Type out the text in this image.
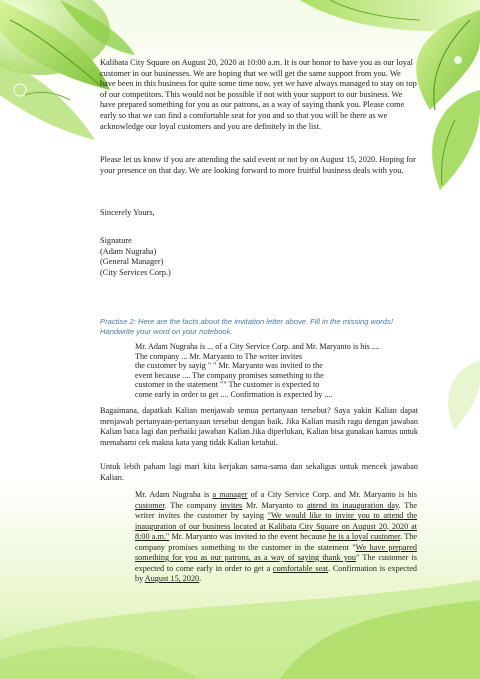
Kalibata City Square on August 20, 2020 at 10:00 a.m. It is our honor to have you as our loyal customer in our businesses. We are hoping that we will get the same support from you. We have been in this business for quite some time now, yet we have always managed to stay on top of our competitors. This would not be possible if not with your support to our business. We have prepared something for you as our patrons, as a way of saying thank you. Please come early so that we can find a comfortable seat for you and so that you will be there as we acknowledge our loyal customers and you are definitely in the list.
Please let us know if you are attending the said event or not by on August 15, 2020. Hoping for your presence on that day. We are looking forward to more fruitful business deals with you.
Sincerely Yours,
Signature
(Adam Nugraha)
(General Manager)
(City Services Corp.)
Practise 2: Here are the facts about the invitation letter above. Fill in the missing words! Handwrite your word on your notebook.
Mr. Adam Nugraha is ... of a City Service Corp. and Mr. Maryanto is his ....
The company ... Mr. Maryanto to The writer invites
the customer by sayig " " Mr. Maryanto was invited to the
event because .... The company promises something to the
customer in the statement "" The customer is expected to
come early in order to get .... Confirmation is expected by ....
Bagaimana, dapatkah Kalian menjawab semua pertanyaan tersebut? Saya yakin Kalian dapat menjawab pertanyaan-pertanyaan tersebut dengan baik. Jika Kalian masih ragu dengan jawaban Kalian baca lagi dan perbaiki jawaban Kalian.Jika diperlukan, Kalian bisa gunakan kamus untuk memahami cek makna kata yang tidak Kalian ketahui.
Untuk lebih paham lagi mari kita kerjakan sama-sama dan sekaligus untuk mencek jawaban Kalian.
Mr. Adam Nugraha is a manager of a City Service Corp. and Mr. Maryanto is his customer. The company invites Mr. Maryanto to attend its inauguration day. The writer invites the customer by saying "We would like to invite you to attend the inauguration of our business located at Kalibata City Square on August 20, 2020 at 8:00 a.m." Mr. Maryanto was invited to the event because he is a loyal customer. The company promises something to the customer in the statement "We have prepared something for you as our patrons, as a way of saying thank you" The customer is expected to come early in order to get a comfortable seat. Confirmation is expected by August 15, 2020.
